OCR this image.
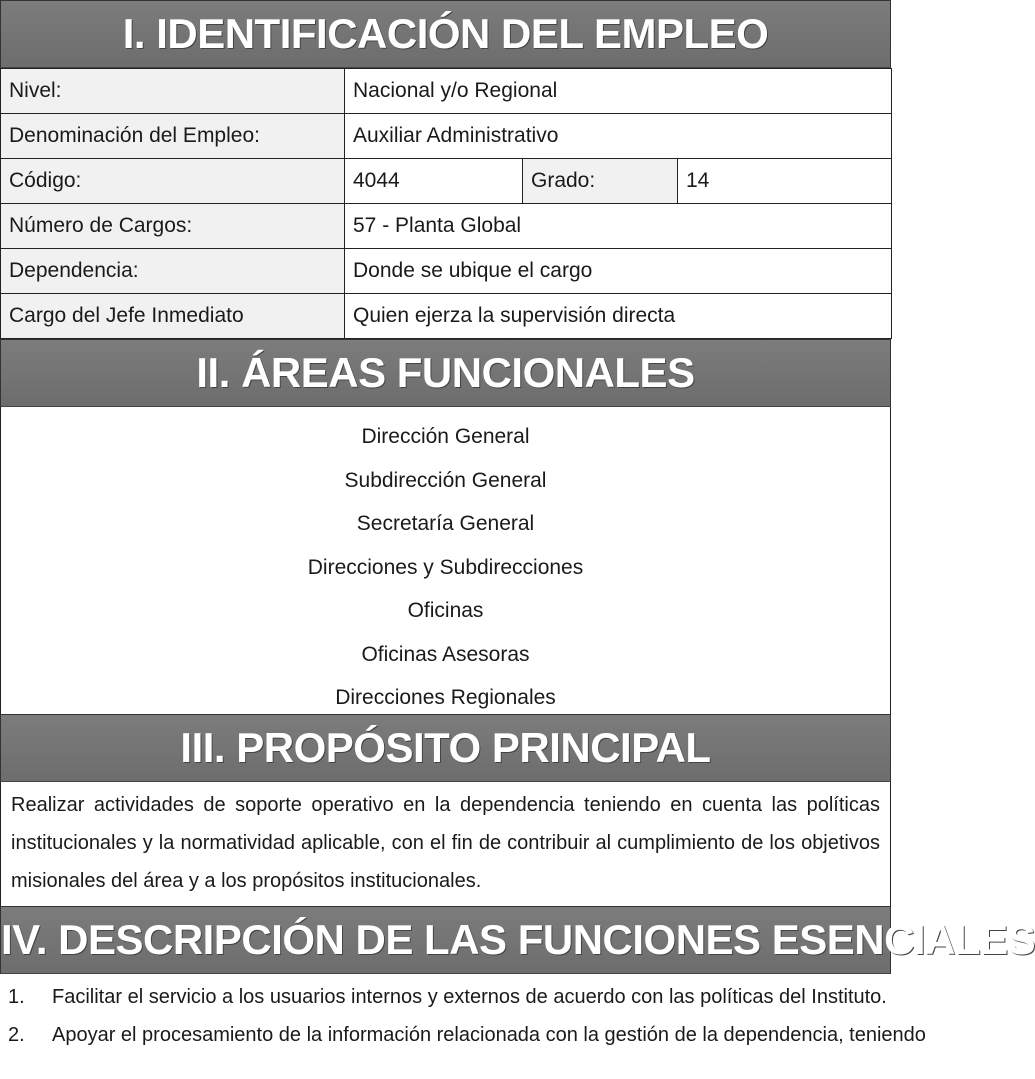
I. IDENTIFICACIÓN DEL EMPLEO
Nivel:	Nacional y/o Regional		
Denominación del Empleo:	Auxiliar Administrativo		
Código:	4044	Grado:	14
Número de Cargos:	57 - Planta Global		
Dependencia:	Donde se ubique el cargo		
Cargo del Jefe Inmediato	Quien ejerza la supervisión directa		
II. ÁREAS FUNCIONALES
Dirección General
Subdirección General
Secretaría General
Direcciones y Subdirecciones
Oficinas
Oficinas Asesoras
Direcciones Regionales
III. PROPÓSITO PRINCIPAL
Realizar actividades de soporte operativo en la dependencia teniendo en cuenta las políticas institucionales y la normatividad aplicable, con el fin de contribuir al cumplimiento de los objetivos misionales del área y a los propósitos institucionales.
IV. DESCRIPCIÓN DE LAS FUNCIONES ESENCIALES
1.	Facilitar el servicio a los usuarios internos y externos de acuerdo con las políticas del Instituto.
2.	Apoyar el procesamiento de la información relacionada con la gestión de la dependencia, teniendo
